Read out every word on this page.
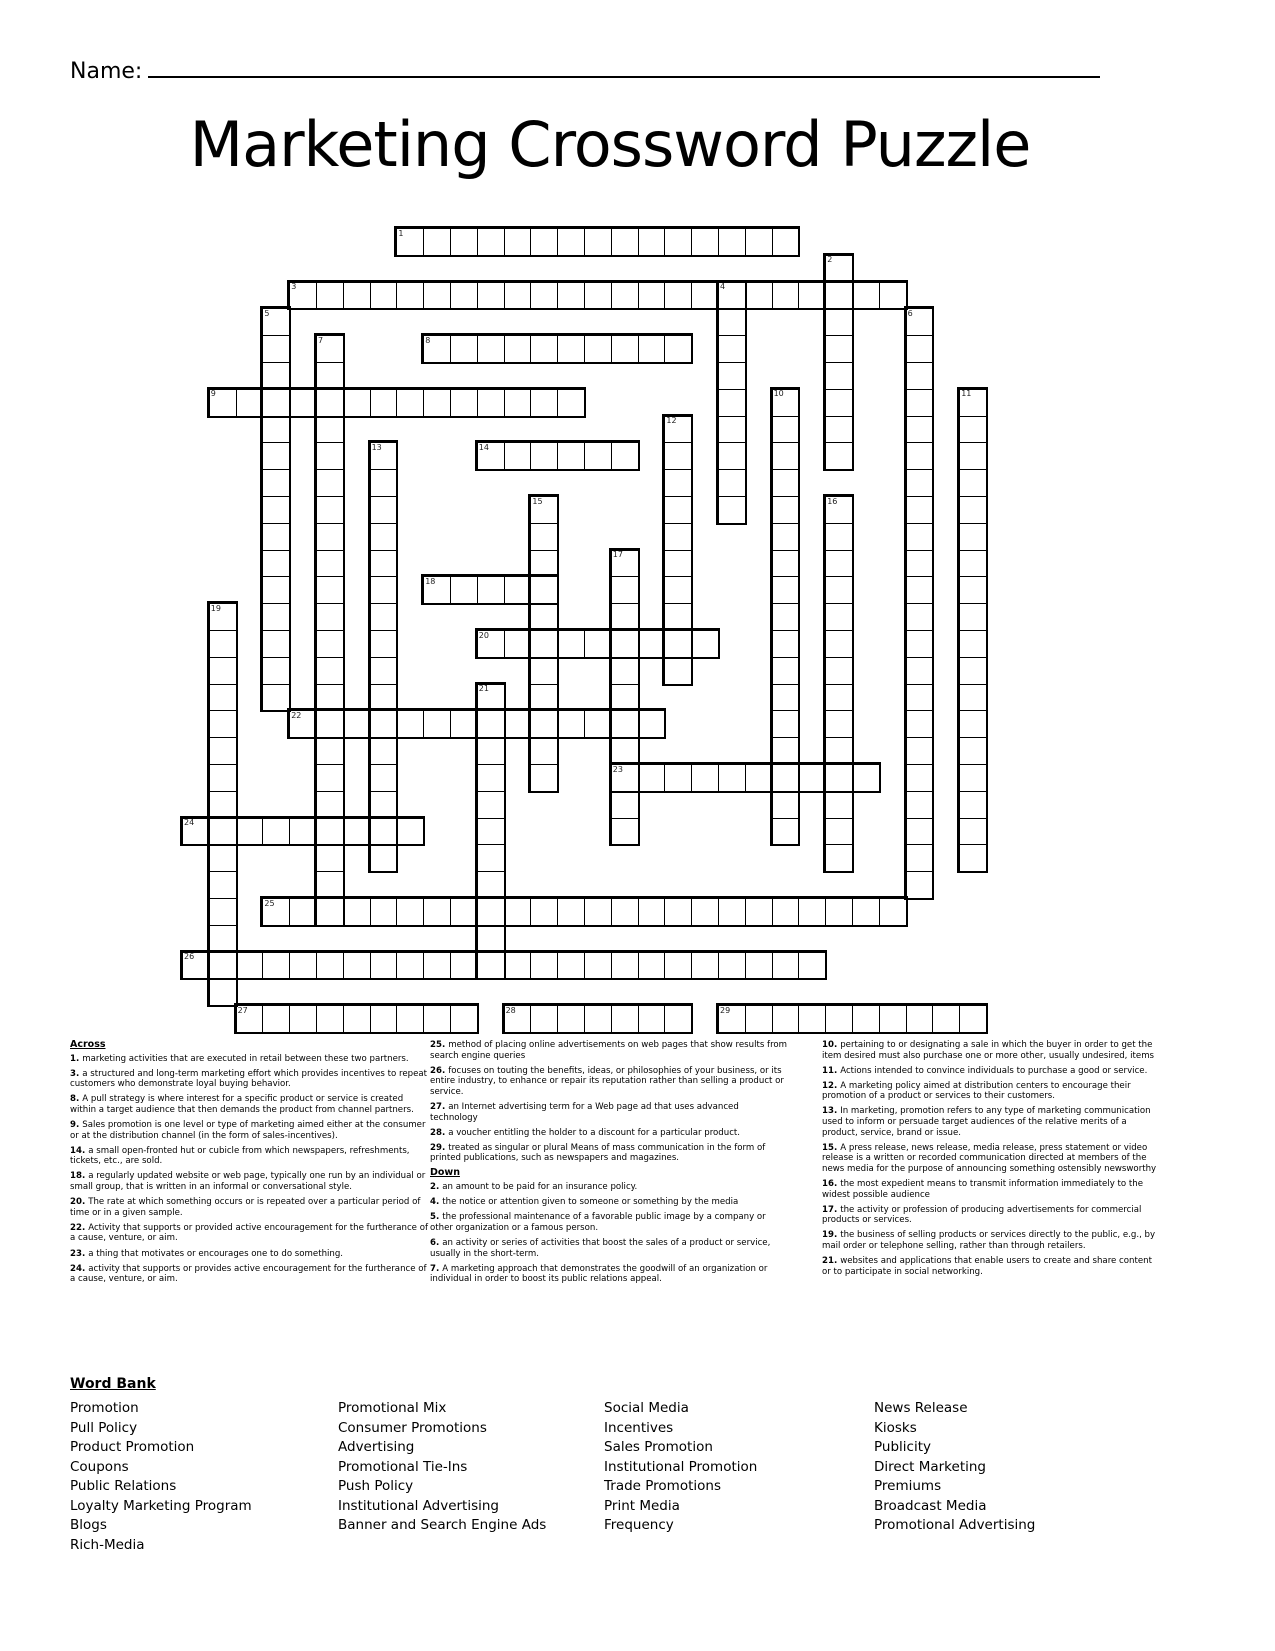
Name:
Marketing Crossword Puzzle
1
3
8
9
14
18
20
22
23
24
25
26
27	28	29
2
4
5	6
7
10	11
12
13
15	16
17
19
21
Across
1. marketing activities that are executed in retail between these two partners.
3. a structured and long-term marketing effort which provides incentives to repeat customers who demonstrate loyal buying behavior.
8. A pull strategy is where interest for a specific product or service is created within a target audience that then demands the product from channel partners.
9. Sales promotion is one level or type of marketing aimed either at the consumer or at the distribution channel (in the form of sales-incentives).
14. a small open-fronted hut or cubicle from which newspapers, refreshments, tickets, etc., are sold.
18. a regularly updated website or web page, typically one run by an individual or small group, that is written in an informal or conversational style.
20. The rate at which something occurs or is repeated over a particular period of time or in a given sample.
22. Activity that supports or provided active encouragement for the furtherance of a cause, venture, or aim.
23. a thing that motivates or encourages one to do something.
24. activity that supports or provides active encouragement for the furtherance of a cause, venture, or aim.
25. method of placing online advertisements on web pages that show results from search engine queries
26. focuses on touting the benefits, ideas, or philosophies of your business, or its entire industry, to enhance or repair its reputation rather than selling a product or service.
27. an Internet advertising term for a Web page ad that uses advanced technology
28. a voucher entitling the holder to a discount for a particular product.
29. treated as singular or plural Means of mass communication in the form of printed publications, such as newspapers and magazines.
Down
2. an amount to be paid for an insurance policy.
4. the notice or attention given to someone or something by the media
5. the professional maintenance of a favorable public image by a company or other organization or a famous person.
6. an activity or series of activities that boost the sales of a product or service, usually in the short-term.
7. A marketing approach that demonstrates the goodwill of an organization or individual in order to boost its public relations appeal.
10. pertaining to or designating a sale in which the buyer in order to get the item desired must also purchase one or more other, usually undesired, items
11. Actions intended to convince individuals to purchase a good or service.
12. A marketing policy aimed at distribution centers to encourage their promotion of a product or services to their customers.
13. In marketing, promotion refers to any type of marketing communication used to inform or persuade target audiences of the relative merits of a product, service, brand or issue.
15. A press release, news release, media release, press statement or video release is a written or recorded communication directed at members of the news media for the purpose of announcing something ostensibly newsworthy
16. the most expedient means to transmit information immediately to the widest possible audience
17. the activity or profession of producing advertisements for commercial products or services.
19. the business of selling products or services directly to the public, e.g., by mail order or telephone selling, rather than through retailers.
21. websites and applications that enable users to create and share content or to participate in social networking.
Word Bank
Promotion
Pull Policy
Product Promotion
Coupons
Public Relations
Loyalty Marketing Program
Blogs
Rich-Media
Promotional Mix
Consumer Promotions
Advertising
Promotional Tie-Ins
Push Policy
Institutional Advertising
Banner and Search Engine Ads
Social Media
Incentives
Sales Promotion
Institutional Promotion
Trade Promotions
Print Media
Frequency
News Release
Kiosks
Publicity
Direct Marketing
Premiums
Broadcast Media
Promotional Advertising
